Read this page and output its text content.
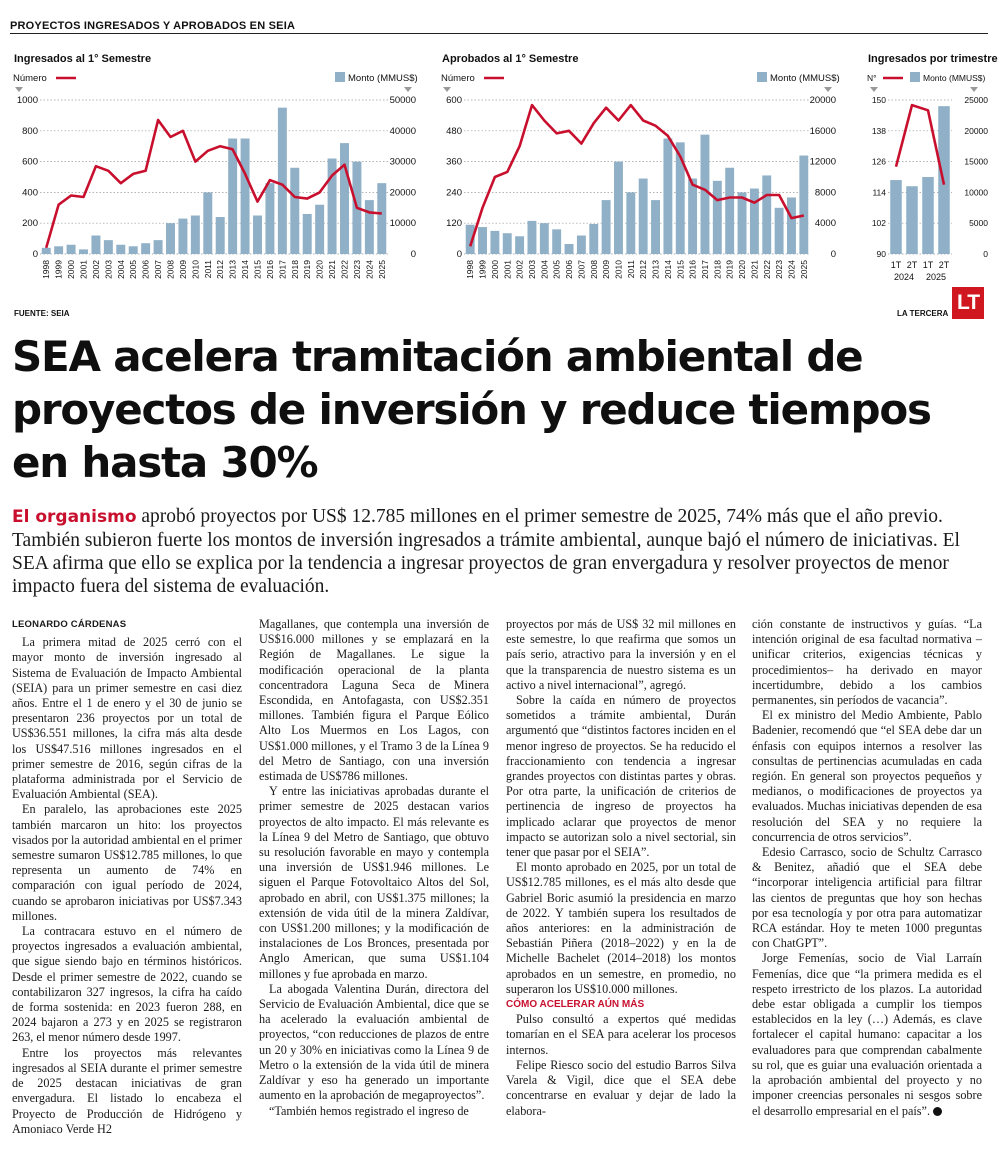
PROYECTOS INGRESADOS Y APROBADOS EN SEIA
Ingresados al 1° Semestre
Número	Monto (MMUS$)
0	0
200	10000
400	20000
600	30000
800	40000
1000	50000
1998 1999 2000 2001 2002 2003 2004 2005 2006 2007 2008 2009 2010 2011 2012 2013 2014 2015 2016 2017 2018 2019 2020 2021 2022 2023 2024 2025
Aprobados al 1° Semestre
Número	Monto (MMUS$)
0	0
120	4000
240	8000
360	12000
480	16000
600	20000
1998 1999 2000 2001 2002 2003 2004 2005 2006 2007 2008 2009 2010 2011 2012 2013 2014 2015 2016 2017 2018 2019 2020 2021 2022 2023 2024 2025
Ingresados por trimestre
N°	Monto (MMUS$)
90	0
102	5000
114	10000
126	15000
138	20000
150	25000
1T
2024
2T 1T
2025
2T
FUENTE: SEIA	LA TERCERA LT
SEA acelera tramitación ambiental de proyectos de inversión y reduce tiempos en hasta 30%
El organismo aprobó proyectos por US$ 12.785 millones en el primer semestre de 2025, 74% más que el año previo. También subieron fuerte los montos de inversión ingresados a trámite ambiental, aunque bajó el número de iniciativas. El SEA afirma que ello se explica por la tendencia a ingresar proyectos de gran envergadura y resolver proyectos de menor impacto fuera del sistema de evaluación.
LEONARDO CÁRDENAS

La primera mitad de 2025 cerró con el mayor monto de inversión ingresado al Sistema de Evaluación de Impacto Ambiental (SEIA) para un primer semestre en casi diez años. Entre el 1 de enero y el 30 de junio se presentaron 236 proyectos por un total de US$36.551 millones, la cifra más alta desde los US$47.516 millones ingresados en el primer semestre de 2016, según cifras de la plataforma administrada por el Servicio de Evaluación Ambiental (SEA).

En paralelo, las aprobaciones este 2025 también marcaron un hito: los proyectos visados por la autoridad ambiental en el primer semestre sumaron US$12.785 millones, lo que representa un aumento de 74% en comparación con igual período de 2024, cuando se aprobaron iniciativas por US$7.343 millones.

La contracara estuvo en el número de proyectos ingresados a evaluación ambiental, que sigue siendo bajo en términos históricos. Desde el primer semestre de 2022, cuando se contabilizaron 327 ingresos, la cifra ha caído de forma sostenida: en 2023 fueron 288, en 2024 bajaron a 273 y en 2025 se registraron 263, el menor número desde 1997.

Entre los proyectos más relevantes ingresados al SEIA durante el primer semestre de 2025 destacan iniciativas de gran envergadura. El listado lo encabeza el Proyecto de Producción de Hidrógeno y Amoniaco Verde H2

Magallanes, que contempla una inversión de US$16.000 millones y se emplazará en la Región de Magallanes. Le sigue la modificación operacional de la planta concentradora Laguna Seca de Minera Escondida, en Antofagasta, con US$2.351 millones. También figura el Parque Eólico Alto Los Muermos en Los Lagos, con US$1.000 millones, y el Tramo 3 de la Línea 9 del Metro de Santiago, con una inversión estimada de US$786 millones.

Y entre las iniciativas aprobadas durante el primer semestre de 2025 destacan varios proyectos de alto impacto. El más relevante es la Línea 9 del Metro de Santiago, que obtuvo su resolución favorable en mayo y contempla una inversión de US$1.946 millones. Le siguen el Parque Fotovoltaico Altos del Sol, aprobado en abril, con US$1.375 millones; la extensión de vida útil de la minera Zaldívar, con US$1.200 millones; y la modificación de instalaciones de Los Bronces, presentada por Anglo American, que suma US$1.104 millones y fue aprobada en marzo.

La abogada Valentina Durán, directora del Servicio de Evaluación Ambiental, dice que se ha acelerado la evaluación ambiental de proyectos, “con reducciones de plazos de entre un 20 y 30% en iniciativas como la Línea 9 de Metro o la extensión de la vida útil de minera Zaldívar y eso ha generado un importante aumento en la aprobación de megaproyectos”.

“También hemos registrado el ingreso de

proyectos por más de US$ 32 mil millones en este semestre, lo que reafirma que somos un país serio, atractivo para la inversión y en el que la transparencia de nuestro sistema es un activo a nivel internacional”, agregó.

Sobre la caída en número de proyectos sometidos a trámite ambiental, Durán argumentó que “distintos factores inciden en el menor ingreso de proyectos. Se ha reducido el fraccionamiento con tendencia a ingresar grandes proyectos con distintas partes y obras. Por otra parte, la unificación de criterios de pertinencia de ingreso de proyectos ha implicado aclarar que proyectos de menor impacto se autorizan solo a nivel sectorial, sin tener que pasar por el SEIA”.

El monto aprobado en 2025, por un total de US$12.785 millones, es el más alto desde que Gabriel Boric asumió la presidencia en marzo de 2022. Y también supera los resultados de años anteriores: en la administración de Sebastián Piñera (2018–2022) y en la de Michelle Bachelet (2014–2018) los montos aprobados en un semestre, en promedio, no superaron los US$10.000 millones.

CÓMO ACELERAR AÚN MÁS

Pulso consultó a expertos qué medidas tomarían en el SEA para acelerar los procesos internos.

Felipe Riesco socio del estudio Barros Silva Varela & Vigil, dice que el SEA debe concentrarse en evaluar y dejar de lado la elabora-

ción constante de instructivos y guías. “La intención original de esa facultad normativa –unificar criterios, exigencias técnicas y procedimientos– ha derivado en mayor incertidumbre, debido a los cambios permanentes, sin períodos de vacancia”.

El ex ministro del Medio Ambiente, Pablo Badenier, recomendó que “el SEA debe dar un énfasis con equipos internos a resolver las consultas de pertinencias acumuladas en cada región. En general son proyectos pequeños y medianos, o modificaciones de proyectos ya evaluados. Muchas iniciativas dependen de esa resolución del SEA y no requiere la concurrencia de otros servicios”.

Edesio Carrasco, socio de Schultz Carrasco & Benitez, añadió que el SEA debe “incorporar inteligencia artificial para filtrar las cientos de preguntas que hoy son hechas por esa tecnología y por otra para automatizar RCA estándar. Hoy te meten 1000 preguntas con ChatGPT”.

Jorge Femenías, socio de Vial Larraín Femenías, dice que “la primera medida es el respeto irrestricto de los plazos. La autoridad debe estar obligada a cumplir los tiempos establecidos en la ley (…) Además, es clave fortalecer el capital humano: capacitar a los evaluadores para que comprendan cabalmente su rol, que es guiar una evaluación orientada a la aprobación ambiental del proyecto y no imponer creencias personales ni sesgos sobre el desarrollo empresarial en el país”.
